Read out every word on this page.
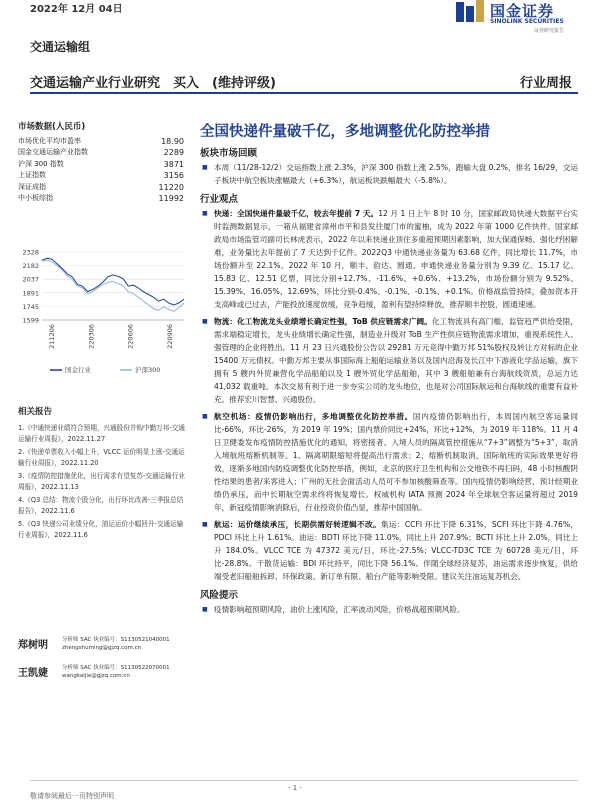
2022年 12月 04日	国金证券
SINOLINK SECURITIES
证券研究报告
交通运输组
交通运输产业行业研究　买入　(维持评级)	行业周报
市场数据(人民币)
市场优化平均市盈率	18.90
国金交通运输产业指数	2289
沪深 300 指数	3871
上证指数	3156
深证成指	11220
中小板综指	11992
2328
2182
2037
1891
1745
1599
211206	220306	220606	220906
国金行业	沪深300
相关报告
1.《中通快递业绩符合预期，兴通股份并购中勤万邦-交通运输行业周报》，2022.11.27
2.《快递单票收入小幅上升，VLCC 运价明显上涨-交通运输行业周报》，2022.11.20
3.《疫情防控措施优化，出行需求有望复苏-交通运输行业周报》，2022.11.13
4.《Q3 总结：物流个股分化，出行环比改善-三季报总结报告》，2022.11.6
5.《Q3 快递公司业绩分化，油运运价小幅回升-交通运输行业周报》，2022.11.6
郑树明	分析师 SAC 执业编号：S1130521040001
zhengshuming@gjzq.com.cn
王凯婕	分析师 SAC 执业编号：S1130522070001
wangkaijie@gjzq.com.cn
全国快递件量破千亿，多地调整优化防控举措
板块市场回顾
■ 本周（11/28-12/2）交运指数上涨 2.3%，沪深 300 指数上涨 2.5%，跑输大盘 0.2%，排名 16/29，交运子板块中航空板块涨幅最大（+6.3%），航运板块跌幅最大（-5.8%）。
行业观点
■ 快递：全国快递件量破千亿，较去年提前 7 天。12 月 1 日上午 8 时 10 分，国家邮政局快递大数据平台实时监测数据显示，一箱从福建省漳州市平和县发往厦门市的蜜柚，成为 2022 年第 1000 亿件快件。国家邮政局市场监管司副司长林虎表示，2022 年以来快递业顶住多重超预期因素影响，加大保通保畅、强化纾困解难，业务量比去年提前了 7 天达到千亿件。2022Q3 中通快递业务量为 63.68 亿件，同比增长 11.7%，市场份额升至 22.1%。2022 年 10 月，顺丰、韵达、圆通、申通快递业务量分别为 9.39 亿、15.17 亿、15.83 亿、12.51 亿票，同比分别+12.7%、-11.6%、+0.6%、+13.2%，市场份额分别为 9.52%、15.39%、16.05%、12.69%，环比分别-0.4%、-0.1%、-0.1%、+0.1%。价格战监管持续，叠加资本开支高峰或已过去，产能投放速度放缓，竞争趋缓，盈利有望持续释放，推荐顺丰控股，圆通速递。
■ 物流：化工物流龙头业绩增长确定性强，ToB 供应链需求广阔。化工物流具有高门槛，监管趋严供给受限，需求端稳定增长，龙头业绩增长确定性强，制造业升级对 ToB 生产性供应链物流需求增加，重视系统性入、强管理的企业将胜出。11 月 23 日兴通股份公告以 29281 万元竞得中勤万邦 51%股权及转让方对标的企业 15400 万元债权。中勤万邦主要从事国际海上船舶运输业务以及国内沿海及长江中下游液化学品运输，旗下拥有 5 艘内外贸兼营化学品船舶以及 1 艘外贸化学品船舶，其中 3 艘船舶兼有台海航线资质，总运力达 41,032 载重吨。本次交易有利于进一步夯实公司的龙头地位，也是对公司国际航运和台海航线的重要有益补充。推荐宏川智慧、兴通股份。
■ 航空机场：疫情仍影响出行，多地调整优化防控举措。国内疫情仍影响出行，本周国内航空客运量同比-66%，环比-26%，为 2019 年 19%；国内票价同比+24%，环比+12%，为 2019 年 118%。11 月 4 日卫健委发布疫情防控措施优化的通知，将密接者、入境人员的隔离管控措施从“7+3”调整为“5+3”，取消入境航班熔断机制等。1、隔离期限缩短将提高出行需求；2、熔断机制取消，国际航班的实际效果更好将效，逐渐多地国内防疫调整优化防控举措，例如，北京的医疗卫生机构和公交地铁不再扫码，48 小时核酸阴性结果的患者/来客进入；广州的无社会面活动人员可不参加核酸筛查等。国内疫情仍影响经营，预计经期业绩仍承压，而中长期航空需求终将恢复增长。权威机构 IATA 预测 2024 年全球航空客运量将超过 2019 年，新冠疫情影响消除后，行业投资价值凸显，推荐中国国航。
■ 航运：运价继续承压，长期供需好转逻辑不改。集运：CCFI 环比下降 6.31%，SCFI 环比下降 4.76%，PDCI 环比上升 1.61%。油运：BDTI 环比下降 11.0%，同比上升 207.9%；BCTI 环比上升 2.0%，同比上升 184.0%。VLCC TCE 为 47372 美元/日，环比-27.5%；VLCC-TD3C TCE 为 60728 美元/日，环比-28.8%。干散货运输：BDI 环比持平，同比下降 56.1%。伴随全球经济复苏，油运需求逐步恢复，供给端受老旧船舶拆卸、环保政策、新订单有限、船台产能等影响受限。建议关注油运复苏机会。
风险提示
■ 疫情影响超预期风险，油价上涨风险，汇率波动风险，价格战超预期风险。
- 1 -
敬请参阅最后一页特别声明
